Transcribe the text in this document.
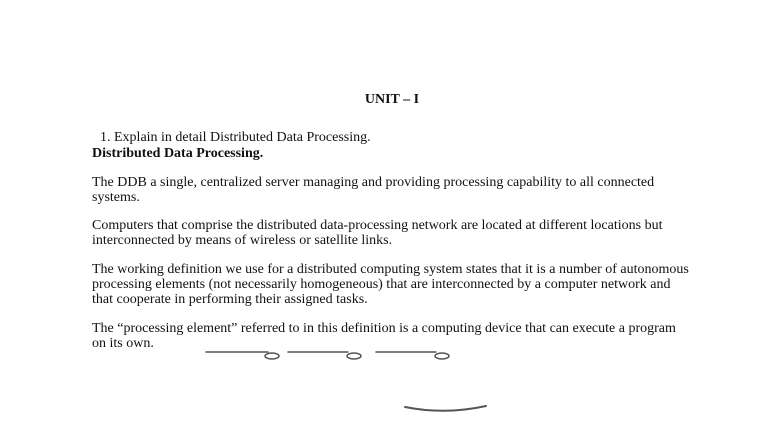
UNIT – I

1. Explain in detail Distributed Data Processing.

Distributed Data Processing.

The DDB a single, centralized server managing and providing processing capability to all connected systems.

Computers that comprise the distributed data-processing network are located at different locations but interconnected by means of wireless or satellite links.

The working definition we use for a distributed computing system states that it is a number of autonomous processing elements (not necessarily homogeneous) that are interconnected by a computer network and that cooperate in performing their assigned tasks.

The “processing element” referred to in this definition is a computing device that can execute a program on its own.
